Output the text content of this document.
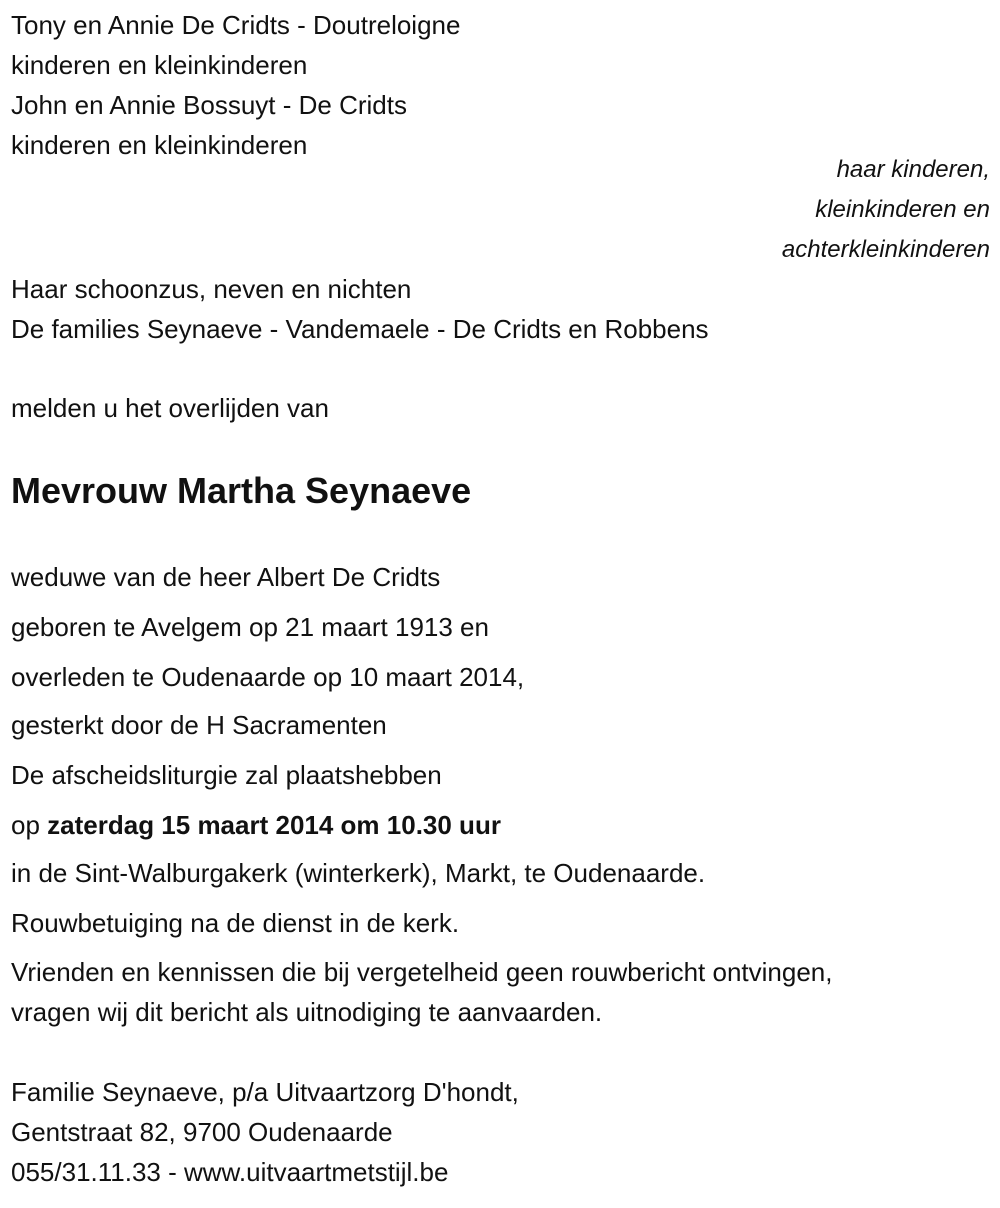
Tony en Annie De Cridts - Doutreloigne
kinderen en kleinkinderen
John en Annie Bossuyt - De Cridts
kinderen en kleinkinderen
haar kinderen,
kleinkinderen en
achterkleinkinderen
Haar schoonzus, neven en nichten
De families Seynaeve - Vandemaele - De Cridts en Robbens
melden u het overlijden van
Mevrouw Martha Seynaeve
weduwe van de heer Albert De Cridts
geboren te Avelgem op 21 maart 1913 en
overleden te Oudenaarde op 10 maart 2014,
gesterkt door de H Sacramenten
De afscheidsliturgie zal plaatshebben
op zaterdag 15 maart 2014 om 10.30 uur
in de Sint-Walburgakerk (winterkerk), Markt, te Oudenaarde.
Rouwbetuiging na de dienst in de kerk.
Vrienden en kennissen die bij vergetelheid geen rouwbericht ontvingen,
vragen wij dit bericht als uitnodiging te aanvaarden.
Familie Seynaeve, p/a Uitvaartzorg D'hondt,
Gentstraat 82, 9700 Oudenaarde
055/31.11.33 - www.uitvaartmetstijl.be
